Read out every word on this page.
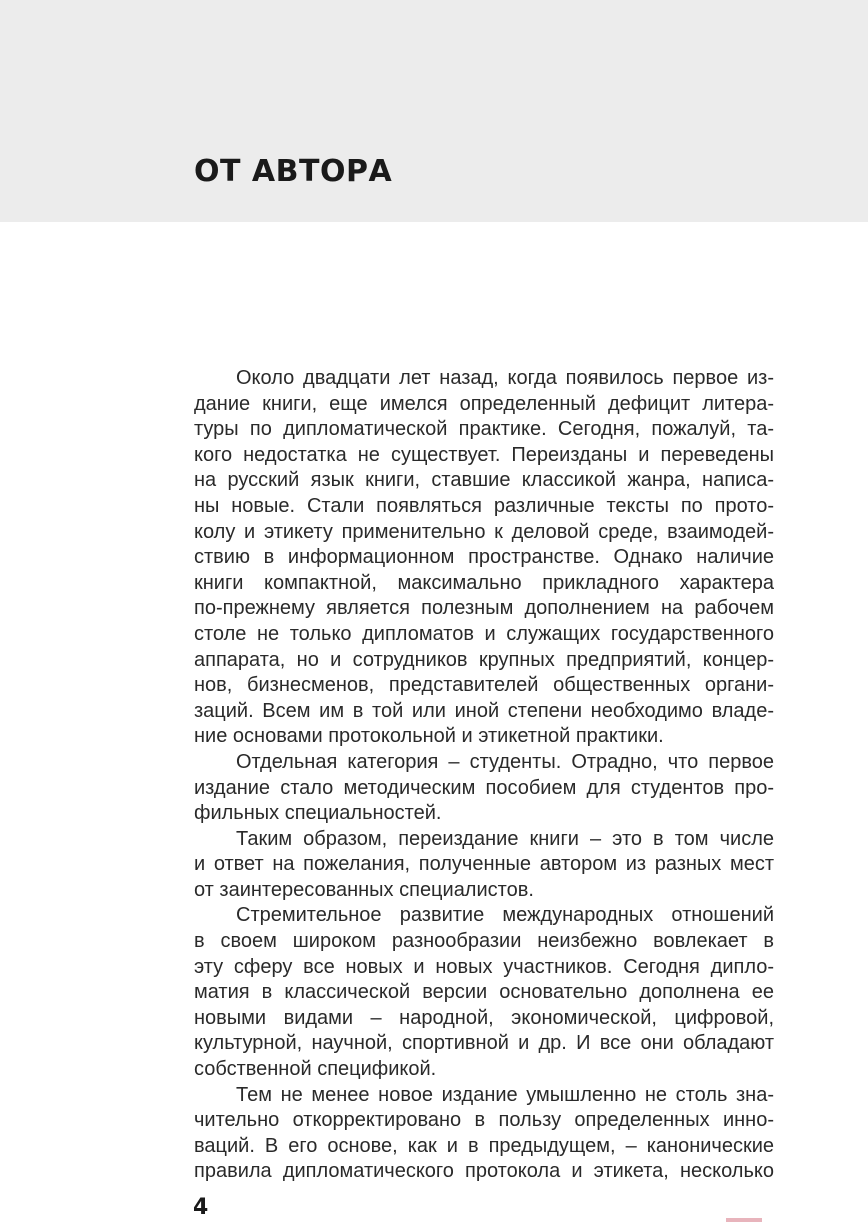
ОТ АВТОРА
Около двадцати лет назад, когда появилось первое из-
дание книги, еще имелся определенный дефицит литера-
туры по дипломатической практике. Сегодня, пожалуй, та-
кого недостатка не существует. Переизданы и переведены
на русский язык книги, ставшие классикой жанра, написа-
ны новые. Стали появляться различные тексты по прото-
колу и этикету применительно к деловой среде, взаимодей-
ствию в информационном пространстве. Однако наличие
книги компактной, максимально прикладного характера
по-прежнему является полезным дополнением на рабочем
столе не только дипломатов и служащих государственного
аппарата, но и сотрудников крупных предприятий, концер-
нов, бизнесменов, представителей общественных органи-
заций. Всем им в той или иной степени необходимо владе-
ние основами протокольной и этикетной практики.
Отдельная категория – студенты. Отрадно, что первое
издание стало методическим пособием для студентов про-
фильных специальностей.
Таким образом, переиздание книги – это в том числе
и ответ на пожелания, полученные автором из разных мест
от заинтересованных специалистов.
Стремительное развитие международных отношений
в своем широком разнообразии неизбежно вовлекает в
эту сферу все новых и новых участников. Сегодня дипло-
матия в классической версии основательно дополнена ее
новыми видами – народной, экономической, цифровой,
культурной, научной, спортивной и др. И все они обладают
собственной спецификой.
Тем не менее новое издание умышленно не столь зна-
чительно откорректировано в пользу определенных инно-
ваций. В его основе, как и в предыдущем, – канонические
правила дипломатического протокола и этикета, несколько
4
